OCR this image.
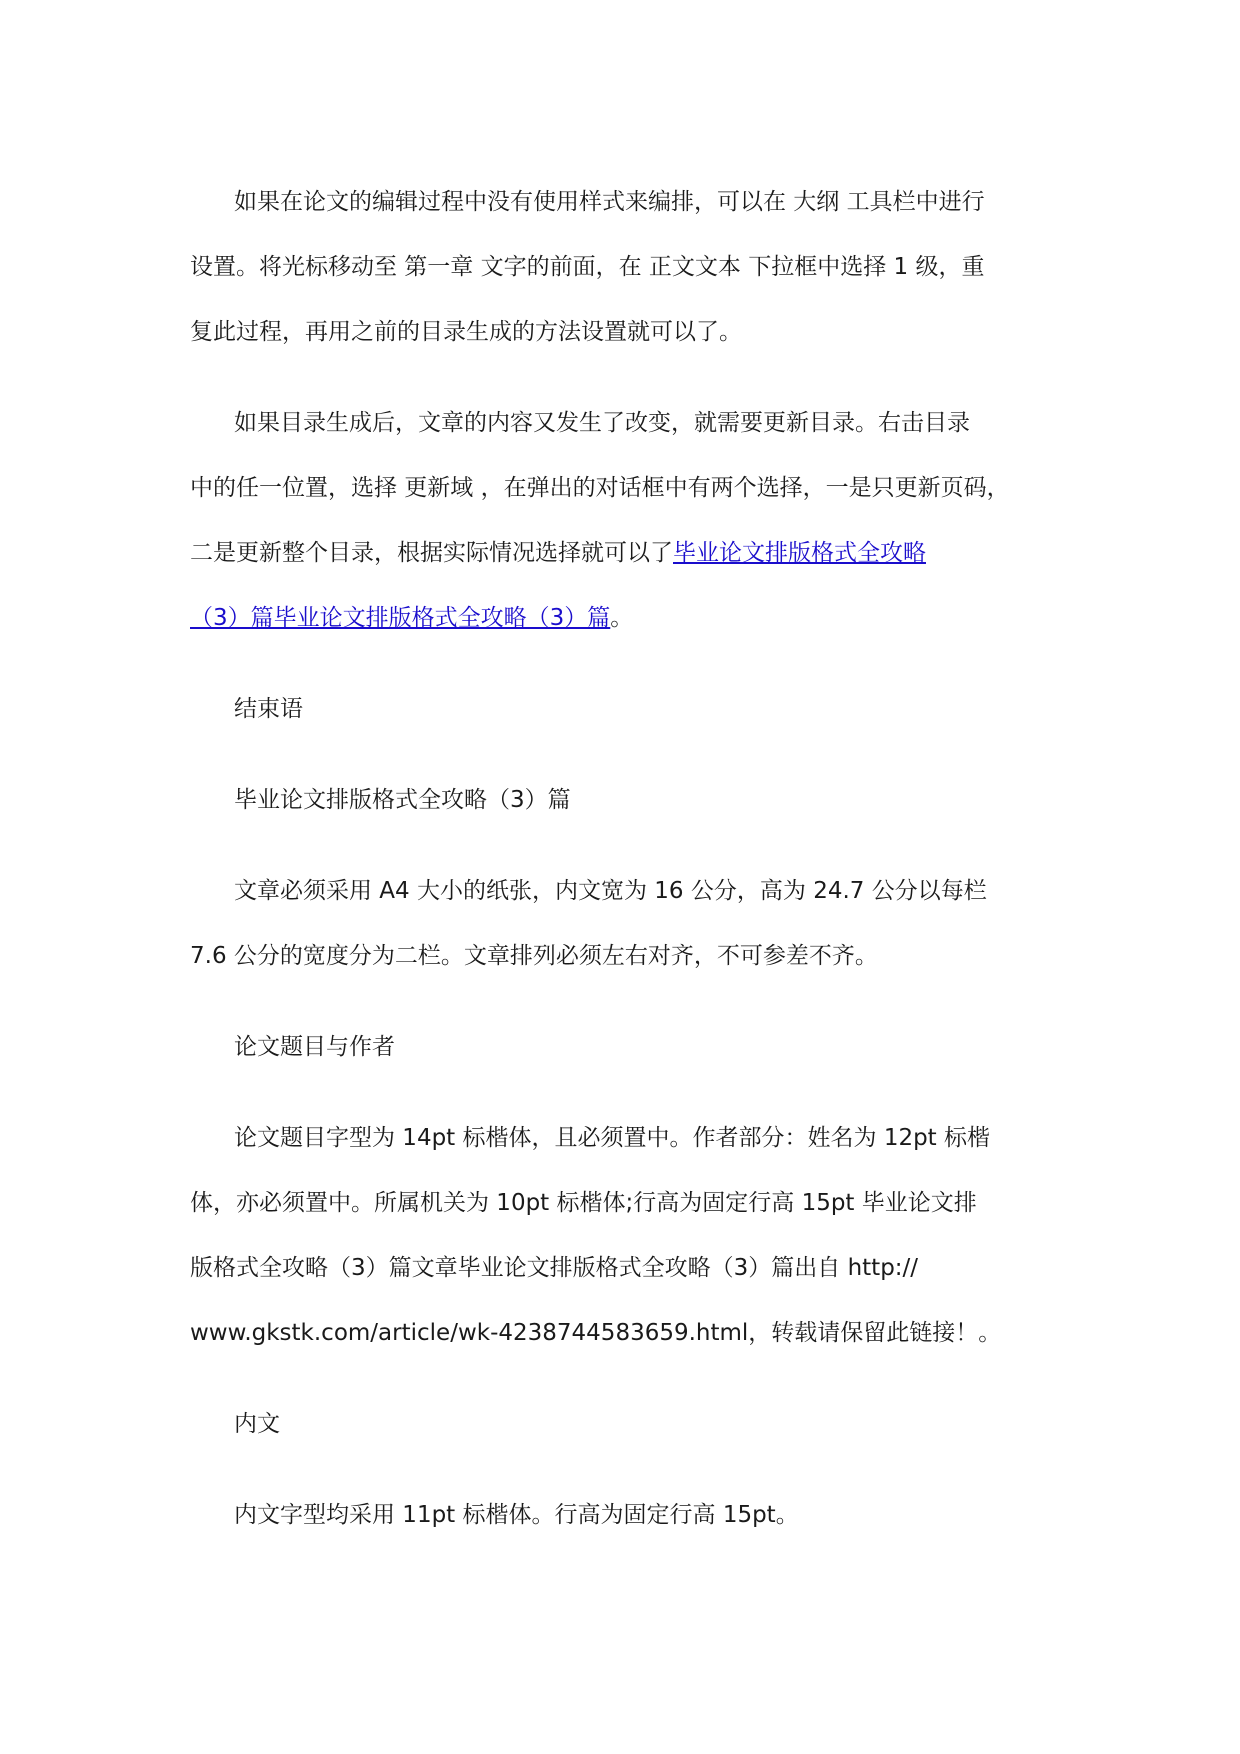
如果在论文的编辑过程中没有使用样式来编排，可以在 大纲 工具栏中进行
设置。将光标移动至 第一章 文字的前面，在 正文文本 下拉框中选择 1 级，重
复此过程，再用之前的目录生成的方法设置就可以了。

如果目录生成后，文章的内容又发生了改变，就需要更新目录。右击目录
中的任一位置，选择 更新域 ，在弹出的对话框中有两个选择，一是只更新页码，
二是更新整个目录，根据实际情况选择就可以了毕业论文排版格式全攻略
（3）篇毕业论文排版格式全攻略（3）篇。

结束语

毕业论文排版格式全攻略（3）篇

文章必须采用 A4 大小的纸张，内文宽为 16 公分，高为 24.7 公分以每栏
7.6 公分的宽度分为二栏。文章排列必须左右对齐，不可参差不齐。

论文题目与作者

论文题目字型为 14pt 标楷体，且必须置中。作者部分：姓名为 12pt 标楷
体，亦必须置中。所属机关为 10pt 标楷体;行高为固定行高 15pt 毕业论文排
版格式全攻略（3）篇文章毕业论文排版格式全攻略（3）篇出自 http://
www.gkstk.com/article/wk-4238744583659.html，转载请保留此链接！。

内文

内文字型均采用 11pt 标楷体。行高为固定行高 15pt。
